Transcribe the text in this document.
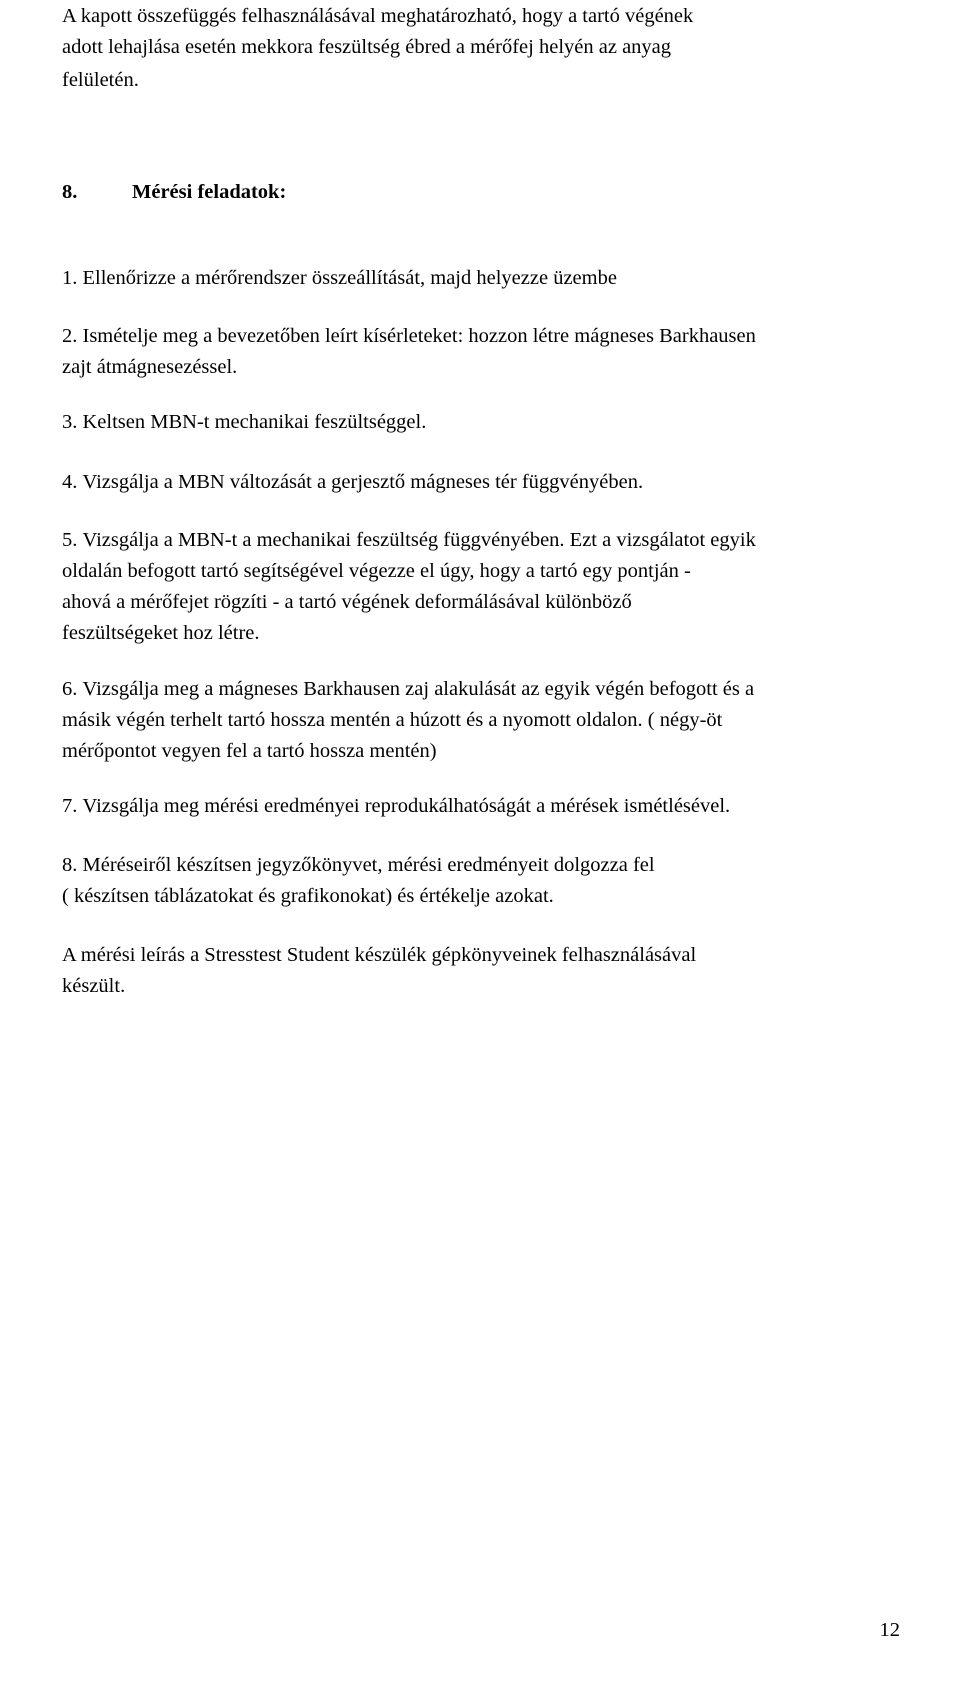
A kapott összefüggés felhasználásával meghatározható, hogy a tartó végének

adott lehajlása esetén mekkora feszültség ébred a mérőfej helyén az anyag

felületén.

8.	Mérési feladatok:

1. Ellenőrizze a mérőrendszer összeállítását, majd helyezze üzembe

2. Ismételje meg a bevezetőben leírt kísérleteket: hozzon létre mágneses Barkhausen

zajt átmágnesezéssel.

3. Keltsen MBN-t mechanikai feszültséggel.

4. Vizsgálja a MBN változását a gerjesztő mágneses tér függvényében.

5. Vizsgálja a MBN-t a mechanikai feszültség függvényében. Ezt a vizsgálatot egyik

oldalán befogott tartó segítségével végezze el úgy, hogy a tartó egy pontján -

ahová a mérőfejet rögzíti - a tartó végének deformálásával különböző

feszültségeket hoz létre.

6. Vizsgálja meg a mágneses Barkhausen zaj alakulását az egyik végén befogott és a

másik végén terhelt tartó hossza mentén a húzott és a nyomott oldalon. ( négy-öt

mérőpontot vegyen fel a tartó hossza mentén)

7. Vizsgálja meg mérési eredményei reprodukálhatóságát a mérések ismétlésével.

8. Méréseiről készítsen jegyzőkönyvet, mérési eredményeit dolgozza fel

( készítsen táblázatokat és grafikonokat) és értékelje azokat.

A mérési leírás a Stresstest Student készülék gépkönyveinek felhasználásával

készült.

12
